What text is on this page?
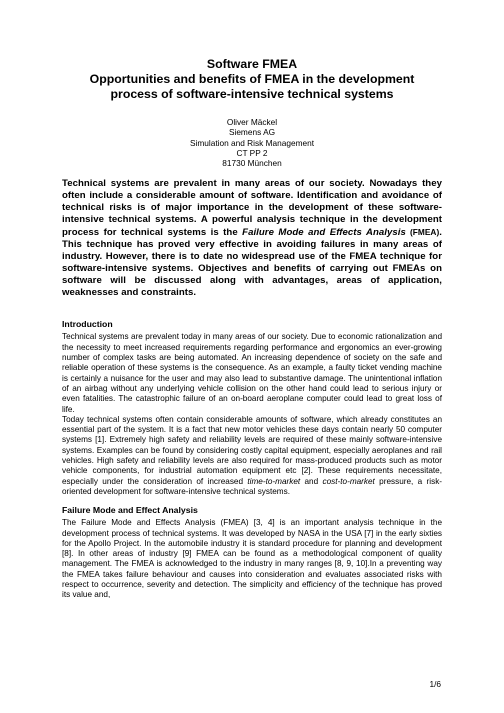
Software FMEA
Opportunities and benefits of FMEA in the development
process of software-intensive technical systems
Oliver Mäckel
Siemens AG
Simulation and Risk Management
CT PP 2
81730 München

Technical systems are prevalent in many areas of our society. Nowadays they often include a considerable amount of software. Identification and avoidance of technical risks is of major importance in the development of these software-intensive technical systems. A powerful analysis technique in the development process for technical systems is the Failure Mode and Effects Analysis (FMEA). This technique has proved very effective in avoiding failures in many areas of industry. However, there is to date no widespread use of the FMEA technique for software-intensive systems. Objectives and benefits of carrying out FMEAs on software will be discussed along with advantages, areas of application, weaknesses and constraints.

Introduction

Technical systems are prevalent today in many areas of our society. Due to economic rationalization and the necessity to meet increased requirements regarding performance and ergonomics an ever-growing number of complex tasks are being automated. An increasing dependence of society on the safe and reliable operation of these systems is the consequence. As an example, a faulty ticket vending machine is certainly a nuisance for the user and may also lead to substantive damage. The unintentional inflation of an airbag without any underlying vehicle collision on the other hand could lead to serious injury or even fatalities. The catastrophic failure of an on-board aeroplane computer could lead to great loss of life.

Today technical systems often contain considerable amounts of software, which already constitutes an essential part of the system. It is a fact that new motor vehicles these days contain nearly 50 computer systems [1]. Extremely high safety and reliability levels are required of these mainly software-intensive systems. Examples can be found by considering costly capital equipment, especially aeroplanes and rail vehicles. High safety and reliability levels are also required for mass-produced products such as motor vehicle components, for industrial automation equipment etc [2]. These requirements necessitate, especially under the consideration of increased time-to-market and cost-to-market pressure, a risk-oriented development for software-intensive technical systems.

Failure Mode and Effect Analysis

The Failure Mode and Effects Analysis (FMEA) [3, 4] is an important analysis technique in the development process of technical systems. It was developed by NASA in the USA [7] in the early sixties for the Apollo Project. In the automobile industry it is standard procedure for planning and development [8]. In other areas of industry [9] FMEA can be found as a methodological component of quality management. The FMEA is acknowledged to the industry in many ranges [8, 9, 10].In a preventing way the FMEA takes failure behaviour and causes into consideration and evaluates associated risks with respect to occurrence, severity and detection. The simplicity and efficiency of the technique has proved its value and,

1/6
